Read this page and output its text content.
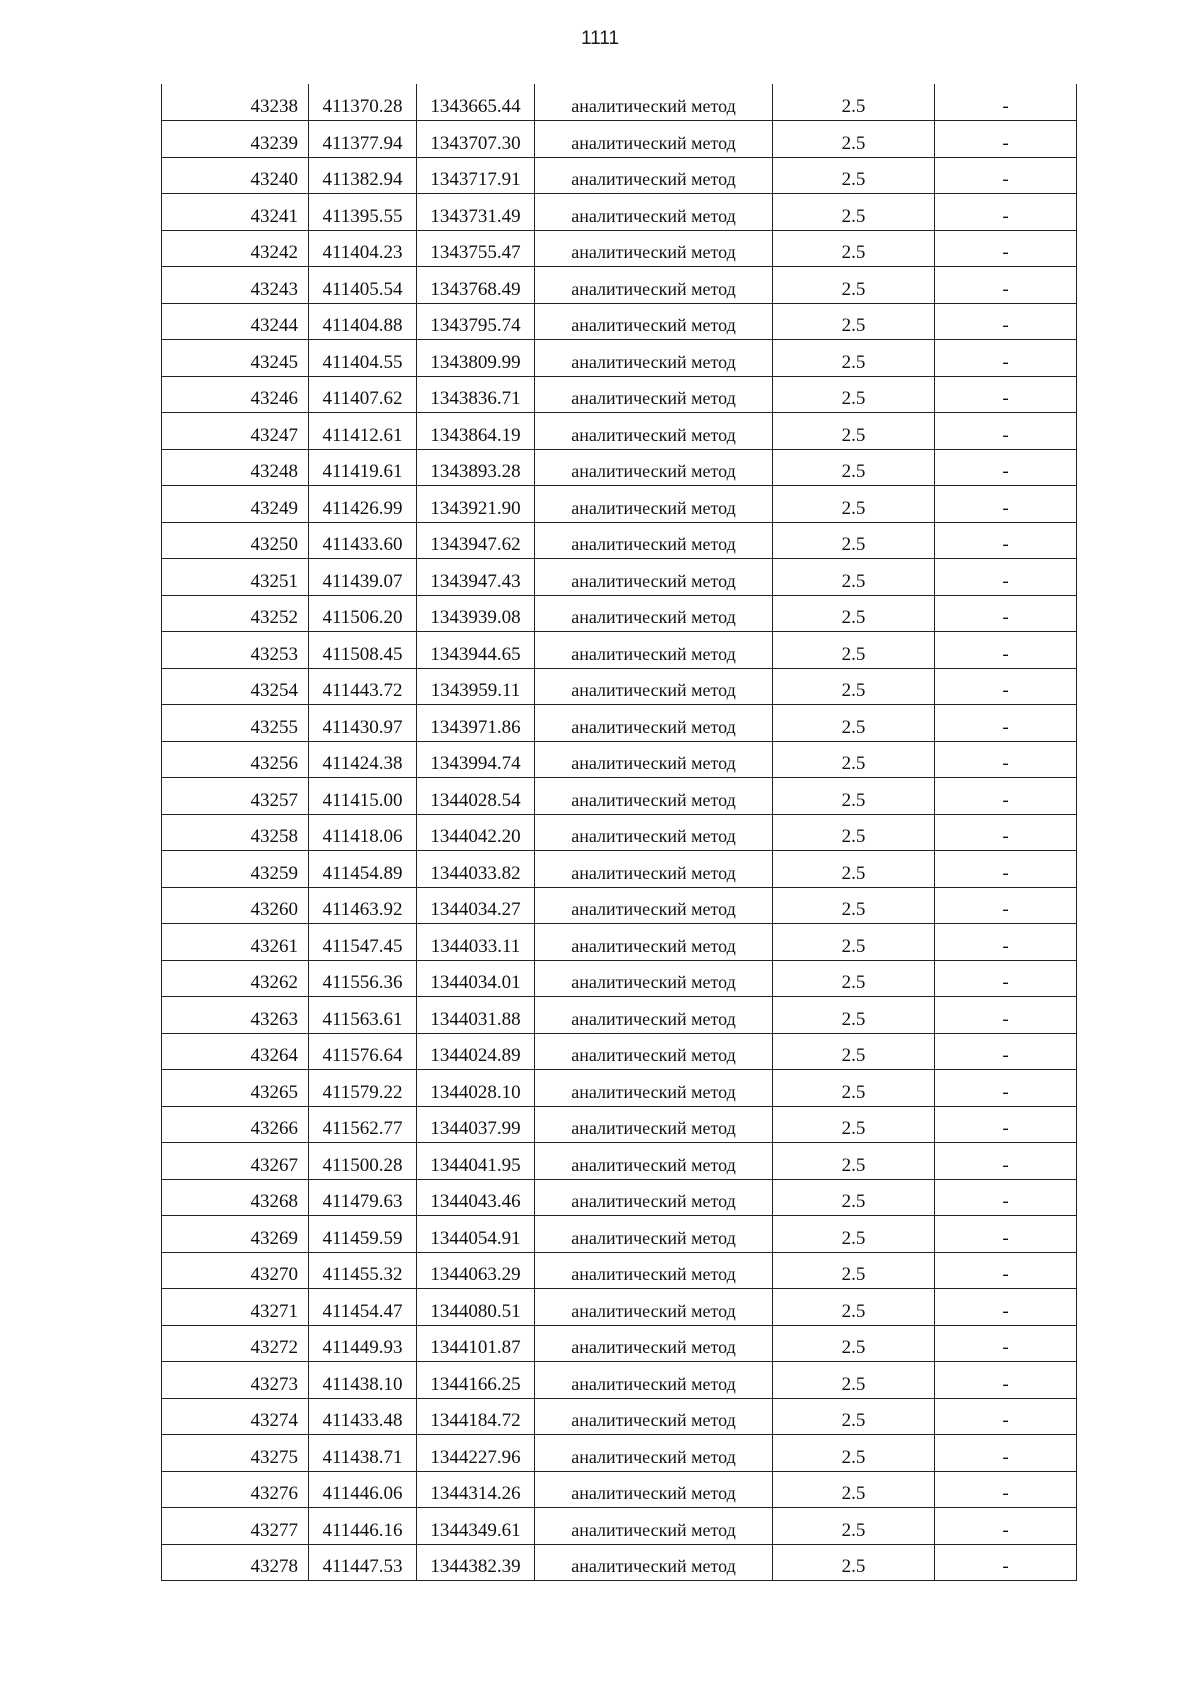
1111
43238	411370.28	1343665.44	аналитический метод	2.5	-
43239	411377.94	1343707.30	аналитический метод	2.5	-
43240	411382.94	1343717.91	аналитический метод	2.5	-
43241	411395.55	1343731.49	аналитический метод	2.5	-
43242	411404.23	1343755.47	аналитический метод	2.5	-
43243	411405.54	1343768.49	аналитический метод	2.5	-
43244	411404.88	1343795.74	аналитический метод	2.5	-
43245	411404.55	1343809.99	аналитический метод	2.5	-
43246	411407.62	1343836.71	аналитический метод	2.5	-
43247	411412.61	1343864.19	аналитический метод	2.5	-
43248	411419.61	1343893.28	аналитический метод	2.5	-
43249	411426.99	1343921.90	аналитический метод	2.5	-
43250	411433.60	1343947.62	аналитический метод	2.5	-
43251	411439.07	1343947.43	аналитический метод	2.5	-
43252	411506.20	1343939.08	аналитический метод	2.5	-
43253	411508.45	1343944.65	аналитический метод	2.5	-
43254	411443.72	1343959.11	аналитический метод	2.5	-
43255	411430.97	1343971.86	аналитический метод	2.5	-
43256	411424.38	1343994.74	аналитический метод	2.5	-
43257	411415.00	1344028.54	аналитический метод	2.5	-
43258	411418.06	1344042.20	аналитический метод	2.5	-
43259	411454.89	1344033.82	аналитический метод	2.5	-
43260	411463.92	1344034.27	аналитический метод	2.5	-
43261	411547.45	1344033.11	аналитический метод	2.5	-
43262	411556.36	1344034.01	аналитический метод	2.5	-
43263	411563.61	1344031.88	аналитический метод	2.5	-
43264	411576.64	1344024.89	аналитический метод	2.5	-
43265	411579.22	1344028.10	аналитический метод	2.5	-
43266	411562.77	1344037.99	аналитический метод	2.5	-
43267	411500.28	1344041.95	аналитический метод	2.5	-
43268	411479.63	1344043.46	аналитический метод	2.5	-
43269	411459.59	1344054.91	аналитический метод	2.5	-
43270	411455.32	1344063.29	аналитический метод	2.5	-
43271	411454.47	1344080.51	аналитический метод	2.5	-
43272	411449.93	1344101.87	аналитический метод	2.5	-
43273	411438.10	1344166.25	аналитический метод	2.5	-
43274	411433.48	1344184.72	аналитический метод	2.5	-
43275	411438.71	1344227.96	аналитический метод	2.5	-
43276	411446.06	1344314.26	аналитический метод	2.5	-
43277	411446.16	1344349.61	аналитический метод	2.5	-
43278	411447.53	1344382.39	аналитический метод	2.5	-
